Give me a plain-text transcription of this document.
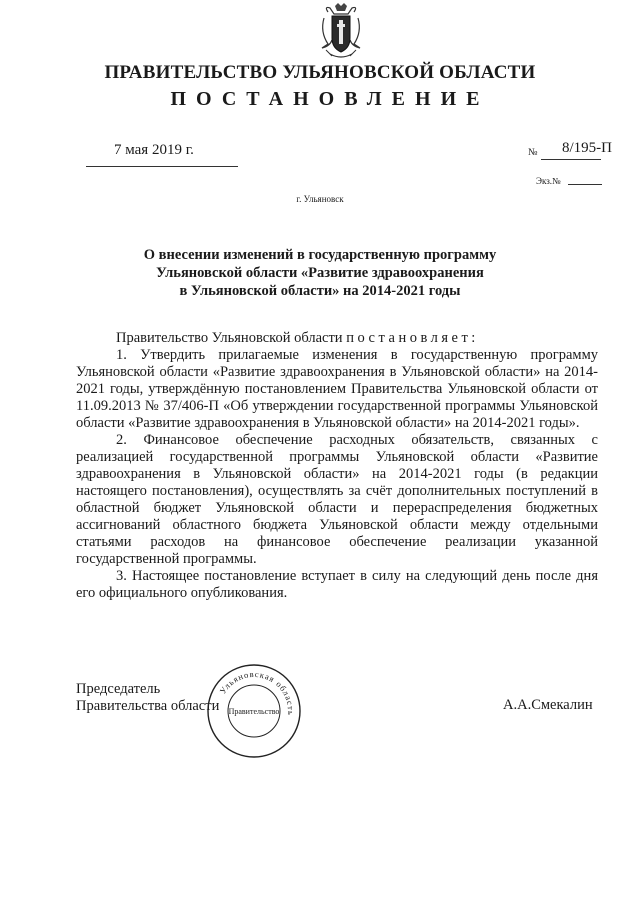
ПРАВИТЕЛЬСТВО УЛЬЯНОВСКОЙ ОБЛАСТИ
ПОСТАНОВЛЕНИЕ
7 мая 2019 г.	№ 8/195-П
Экз.№
г. Ульяновск
О внесении изменений в государственную программу
Ульяновской области «Развитие здравоохранения
в Ульяновской области» на 2014-2021 годы

Правительство Ульяновской области постановляет:

1. Утвердить прилагаемые изменения в государственную программу Ульяновской области «Развитие здравоохранения в Ульяновской области» на 2014-2021 годы, утверждённую постановлением Правительства Ульяновской области от 11.09.2013 № 37/406-П «Об утверждении государственной программы Ульяновской области «Развитие здравоохранения в Ульяновской области» на 2014-2021 годы».

2. Финансовое обеспечение расходных обязательств, связанных с реализацией государственной программы Ульяновской области «Развитие здравоохранения в Ульяновской области» на 2014-2021 годы (в редакции настоящего постановления), осуществлять за счёт дополнительных поступлений в областной бюджет Ульяновской области и перераспределения бюджетных ассигнований областного бюджета Ульяновской области между отдельными статьями расходов на финансовое обеспечение реализации указанной государственной программы.

3. Настоящее постановление вступает в силу на следующий день после дня его официального опубликования.

Председатель
Правительства области	А.А.Смекалин
Ульяновская область
Правительство
